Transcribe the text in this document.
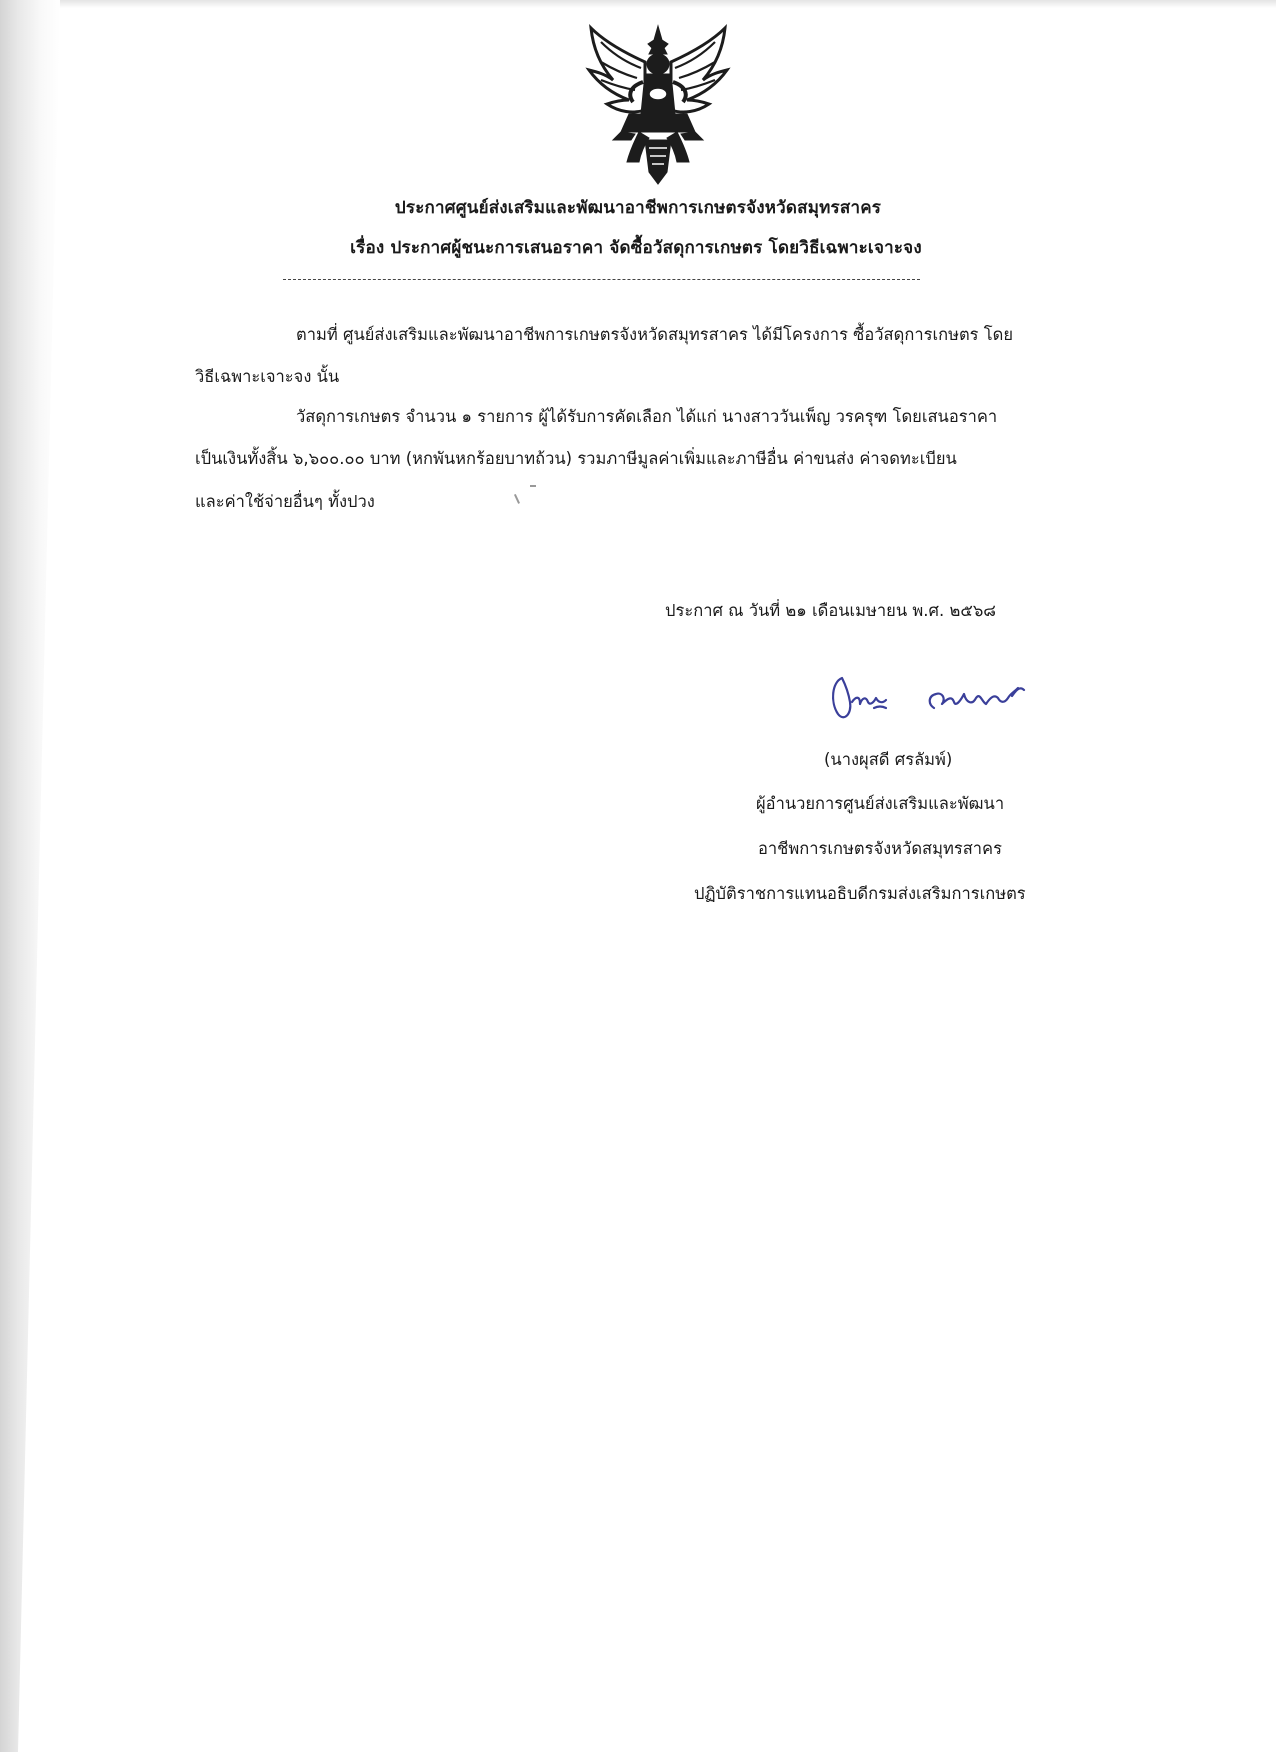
ประกาศศูนย์ส่งเสริมและพัฒนาอาชีพการเกษตรจังหวัดสมุทรสาคร
เรื่อง ประกาศผู้ชนะการเสนอราคา จัดซื้อวัสดุการเกษตร โดยวิธีเฉพาะเจาะจง
ตามที่ ศูนย์ส่งเสริมและพัฒนาอาชีพการเกษตรจังหวัดสมุทรสาคร ได้มีโครงการ ซื้อวัสดุการเกษตร โดย
วิธีเฉพาะเจาะจง นั้น
วัสดุการเกษตร จำนวน ๑ รายการ ผู้ได้รับการคัดเลือก ได้แก่ นางสาววันเพ็ญ วรครุฑ โดยเสนอราคา
เป็นเงินทั้งสิ้น ๖,๖๐๐.๐๐ บาท (หกพันหกร้อยบาทถ้วน) รวมภาษีมูลค่าเพิ่มและภาษีอื่น ค่าขนส่ง ค่าจดทะเบียน
และค่าใช้จ่ายอื่นๆ ทั้งปวง
ประกาศ ณ วันที่ ๒๑ เดือนเมษายน พ.ศ. ๒๕๖๘
(นางผุสดี ศรลัมพ์)
ผู้อำนวยการศูนย์ส่งเสริมและพัฒนา
อาชีพการเกษตรจังหวัดสมุทรสาคร
ปฏิบัติราชการแทนอธิบดีกรมส่งเสริมการเกษตร
